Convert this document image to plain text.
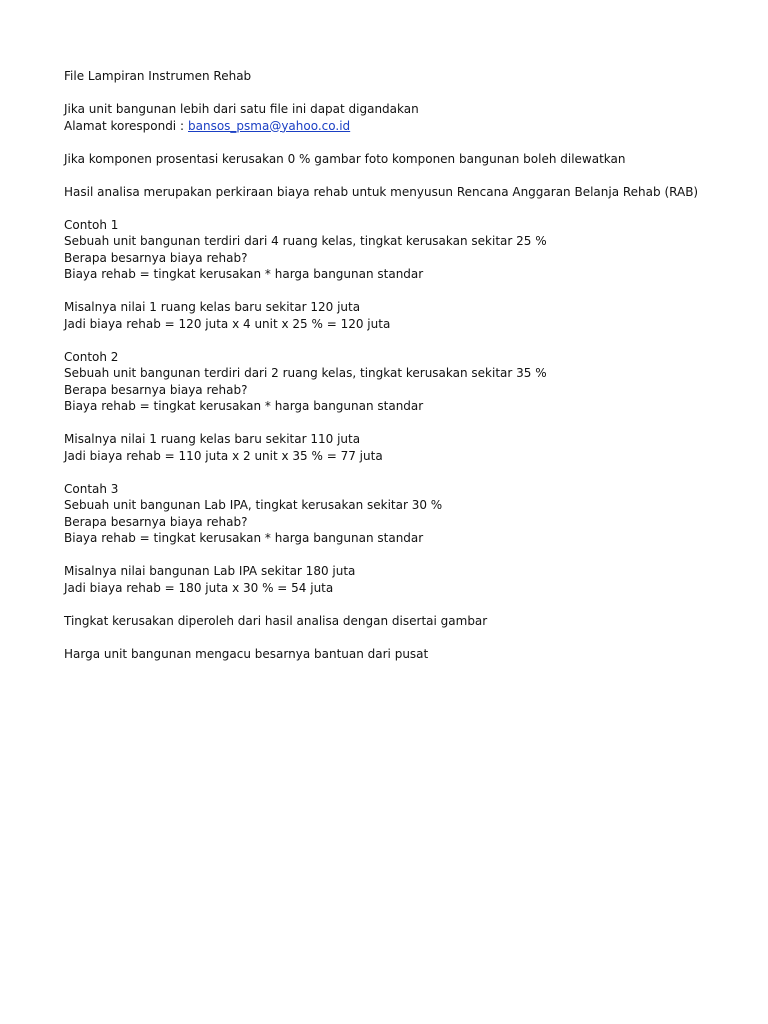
File Lampiran Instrumen Rehab
Jika unit bangunan lebih dari satu file ini dapat digandakan
Alamat korespondi : bansos_psma@yahoo.co.id
Jika komponen prosentasi kerusakan 0 % gambar foto komponen bangunan boleh dilewatkan
Hasil analisa merupakan perkiraan biaya rehab untuk menyusun Rencana Anggaran Belanja Rehab (RAB)
Contoh 1
Sebuah unit bangunan terdiri dari 4 ruang kelas, tingkat kerusakan sekitar 25 %
Berapa besarnya biaya rehab?
Biaya rehab = tingkat kerusakan * harga bangunan standar
Misalnya nilai 1 ruang kelas baru sekitar 120 juta
Jadi biaya rehab = 120 juta x 4 unit x 25 % = 120 juta
Contoh 2
Sebuah unit bangunan terdiri dari 2 ruang kelas, tingkat kerusakan sekitar 35 %
Berapa besarnya biaya rehab?
Biaya rehab = tingkat kerusakan * harga bangunan standar
Misalnya nilai 1 ruang kelas baru sekitar 110 juta
Jadi biaya rehab = 110 juta x 2 unit x 35 % = 77 juta
Contah 3
Sebuah unit bangunan Lab IPA, tingkat kerusakan sekitar 30 %
Berapa besarnya biaya rehab?
Biaya rehab = tingkat kerusakan * harga bangunan standar
Misalnya nilai bangunan Lab IPA sekitar 180 juta
Jadi biaya rehab = 180 juta x 30 % = 54 juta
Tingkat kerusakan diperoleh dari hasil analisa dengan disertai gambar
Harga unit bangunan mengacu besarnya bantuan dari pusat
